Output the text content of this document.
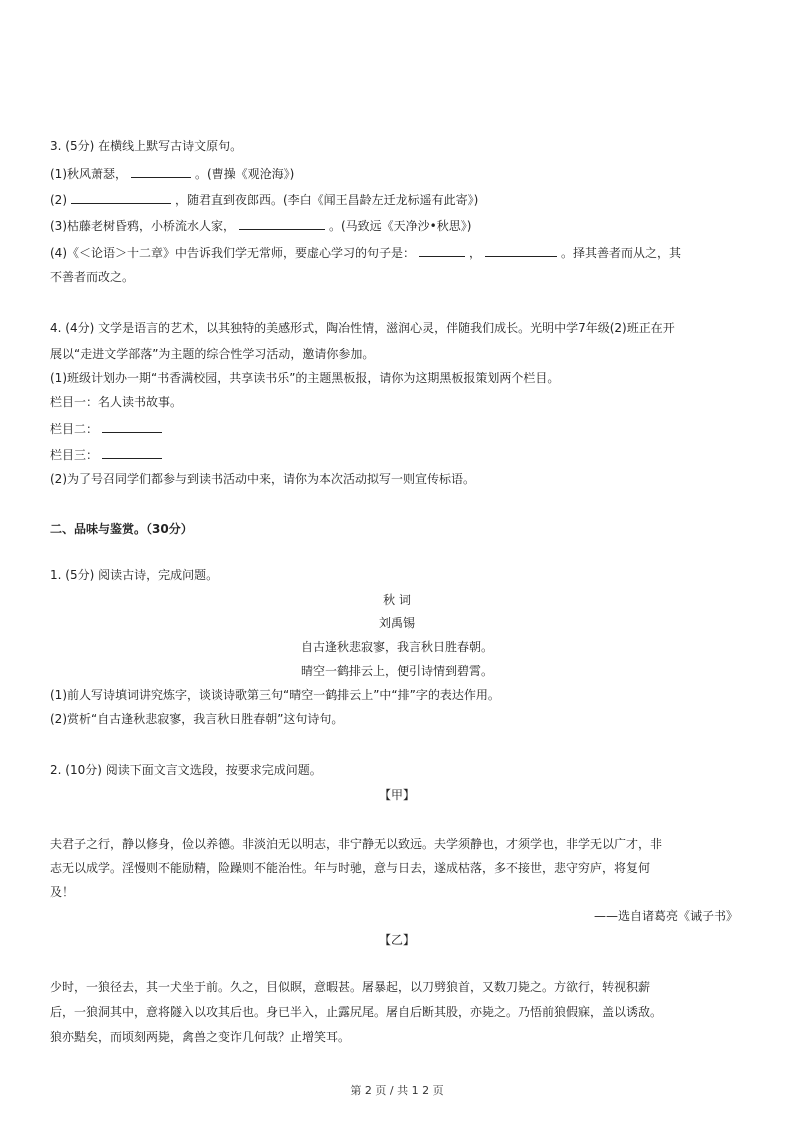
3. (5分) 在横线上默写古诗文原句。
(1)秋风萧瑟，	。(曹操《观沧海》)
(2)	，随君直到夜郎西。(李白《闻王昌龄左迁龙标遥有此寄》)
(3)枯藤老树昏鸦，小桥流水人家，	。(马致远《天净沙•秋思》)
(4)《＜论语＞十二章》中告诉我们学无常师，要虚心学习的句子是：	，	。择其善者而从之，其
不善者而改之。
4. (4分) 文学是语言的艺术，以其独特的美感形式，陶冶性情，滋润心灵，伴随我们成长。光明中学7年级(2)班正在开
展以“走进文学部落”为主题的综合性学习活动，邀请你参加。
(1)班级计划办一期“书香满校园，共享读书乐”的主题黑板报，请你为这期黑板报策划两个栏目。
栏目一：名人读书故事。
栏目二：
栏目三：
(2)为了号召同学们都参与到读书活动中来，请你为本次活动拟写一则宣传标语。
二、品味与鉴赏。（30分）
1. (5分) 阅读古诗，完成问题。
秋 词
刘禹锡
自古逢秋悲寂寥，我言秋日胜春朝。
晴空一鹤排云上，便引诗情到碧霄。
(1)前人写诗填词讲究炼字，谈谈诗歌第三句“晴空一鹤排云上”中“排”字的表达作用。
(2)赏析“自古逢秋悲寂寥，我言秋日胜春朝”这句诗句。
2. (10分) 阅读下面文言文选段，按要求完成问题。
【甲】
夫君子之行，静以修身，俭以养德。非淡泊无以明志，非宁静无以致远。夫学须静也，才须学也，非学无以广才，非
志无以成学。淫慢则不能励精，险躁则不能治性。年与时驰，意与日去，遂成枯落，多不接世，悲守穷庐，将复何
及！
——选自诸葛亮《诫子书》
【乙】
少时，一狼径去，其一犬坐于前。久之，目似瞑，意暇甚。屠暴起，以刀劈狼首，又数刀毙之。方欲行，转视积薪
后，一狼洞其中，意将隧入以攻其后也。身已半入，止露尻尾。屠自后断其股，亦毙之。乃悟前狼假寐，盖以诱敌。
狼亦黠矣，而顷刻两毙，禽兽之变诈几何哉？止增笑耳。
第 2 页 / 共 1 2 页
